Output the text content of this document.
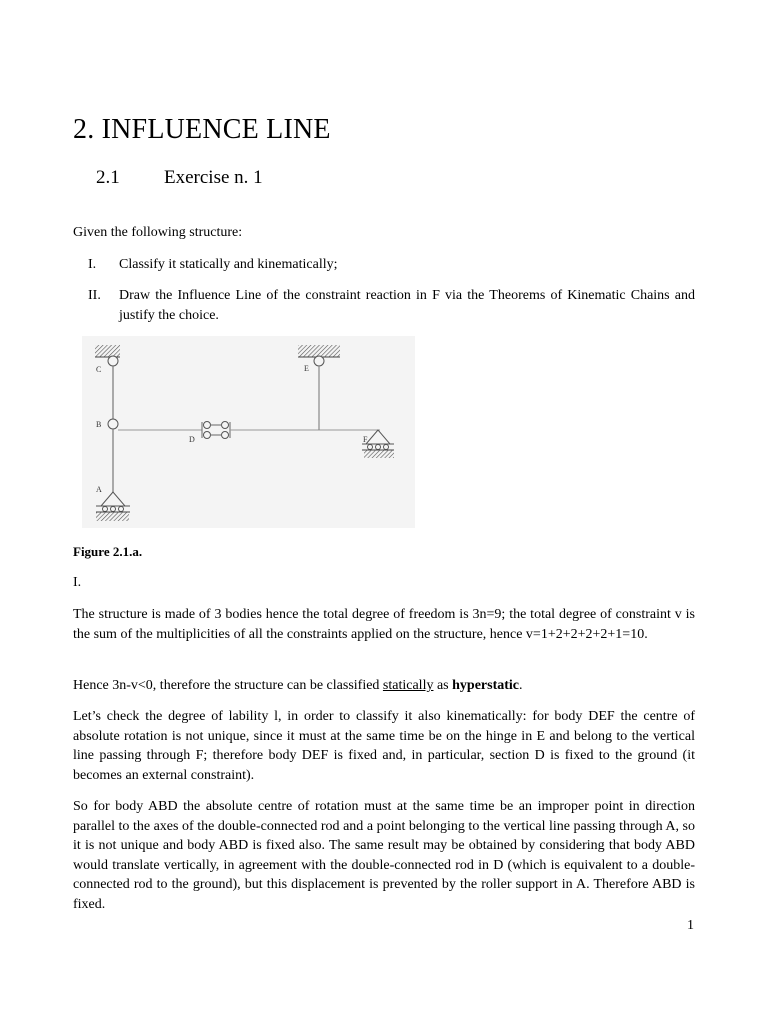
2. INFLUENCE LINE
2.1 Exercise n. 1
Given the following structure:
I.	Classify it statically and kinematically;
II.	Draw the Influence Line of the constraint reaction in F via the Theorems of Kinematic Chains and justify the choice.
C	E
B
D	F
A
Figure 2.1.a.
I.
The structure is made of 3 bodies hence the total degree of freedom is 3n=9; the total degree of constraint v is the sum of the multiplicities of all the constraints applied on the structure, hence v=1+2+2+2+2+1=10.
Hence 3n-v<0, therefore the structure can be classified statically as hyperstatic.
Let’s check the degree of lability l, in order to classify it also kinematically: for body DEF the centre of absolute rotation is not unique, since it must at the same time be on the hinge in E and belong to the vertical line passing through F; therefore body DEF is fixed and, in particular, section D is fixed to the ground (it becomes an external constraint).
So for body ABD the absolute centre of rotation must at the same time be an improper point in direction parallel to the axes of the double-connected rod and a point belonging to the vertical line passing through A, so it is not unique and body ABD is fixed also. The same result may be obtained by considering that body ABD would translate vertically, in agreement with the double-connected rod in D (which is equivalent to a double-connected rod to the ground), but this displacement is prevented by the roller support in A. Therefore ABD is fixed.
1
